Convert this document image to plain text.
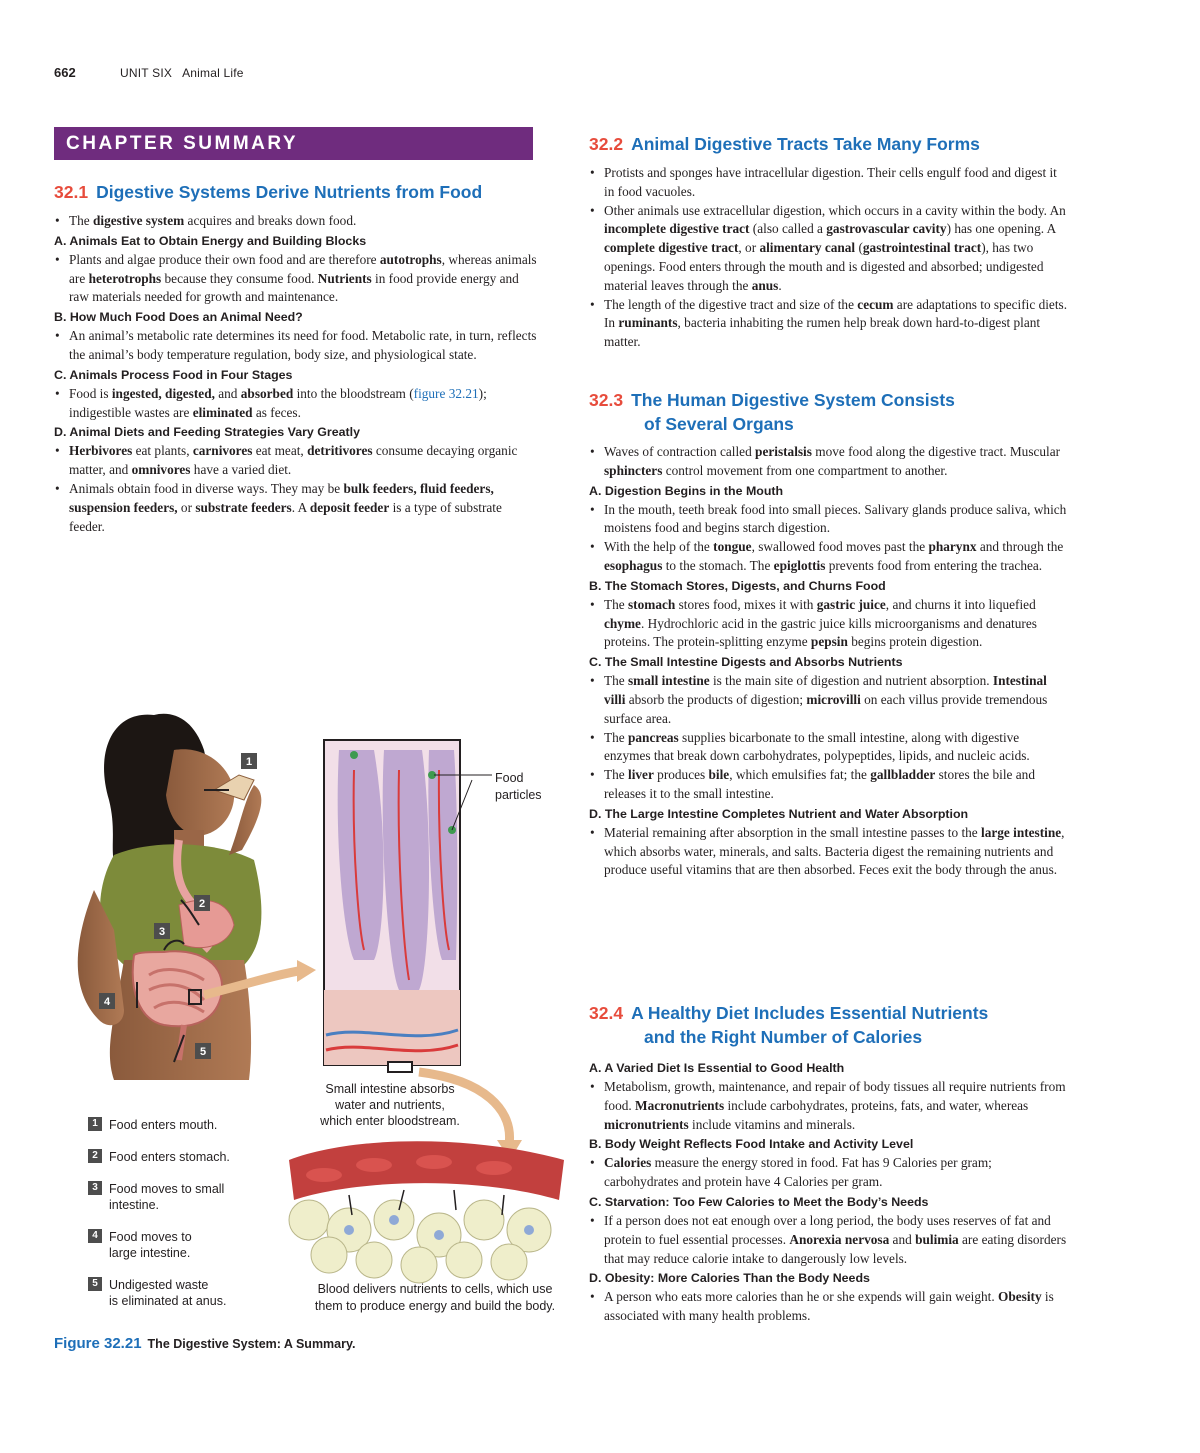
662	UNIT SIX Animal Life
CHAPTER SUMMARY
32.1 Digestive Systems Derive Nutrients from Food
• The digestive system acquires and breaks down food.
A. Animals Eat to Obtain Energy and Building Blocks
• Plants and algae produce their own food and are therefore autotrophs, whereas animals are heterotrophs because they consume food. Nutrients in food provide energy and raw materials needed for growth and maintenance.
B. How Much Food Does an Animal Need?
• An animal’s metabolic rate determines its need for food. Metabolic rate, in turn, reflects the animal’s body temperature regulation, body size, and physiological state.
C. Animals Process Food in Four Stages
• Food is ingested, digested, and absorbed into the bloodstream (figure 32.21); indigestible wastes are eliminated as feces.
D. Animal Diets and Feeding Strategies Vary Greatly
• Herbivores eat plants, carnivores eat meat, detritivores consume decaying organic matter, and omnivores have a varied diet.
• Animals obtain food in diverse ways. They may be bulk feeders, fluid feeders, suspension feeders, or substrate feeders. A deposit feeder is a type of substrate feeder.
32.2 Animal Digestive Tracts Take Many Forms
• Protists and sponges have intracellular digestion. Their cells engulf food and digest it in food vacuoles.
• Other animals use extracellular digestion, which occurs in a cavity within the body. An incomplete digestive tract (also called a gastrovascular cavity) has one opening. A complete digestive tract, or alimentary canal (gastrointestinal tract), has two openings. Food enters through the mouth and is digested and absorbed; undigested material leaves through the anus.
• The length of the digestive tract and size of the cecum are adaptations to specific diets. In ruminants, bacteria inhabiting the rumen help break down hard-to-digest plant matter.
32.3 The Human Digestive System Consists
of Several Organs
• Waves of contraction called peristalsis move food along the digestive tract. Muscular sphincters control movement from one compartment to another.
A. Digestion Begins in the Mouth
• In the mouth, teeth break food into small pieces. Salivary glands produce saliva, which moistens food and begins starch digestion.
• With the help of the tongue, swallowed food moves past the pharynx and through the esophagus to the stomach. The epiglottis prevents food from entering the trachea.
B. The Stomach Stores, Digests, and Churns Food
• The stomach stores food, mixes it with gastric juice, and churns it into liquefied chyme. Hydrochloric acid in the gastric juice kills microorganisms and denatures proteins. The protein-splitting enzyme pepsin begins protein digestion.
C. The Small Intestine Digests and Absorbs Nutrients
• The small intestine is the main site of digestion and nutrient absorption. Intestinal villi absorb the products of digestion; microvilli on each villus provide tremendous surface area.
• The pancreas supplies bicarbonate to the small intestine, along with digestive enzymes that break down carbohydrates, polypeptides, lipids, and nucleic acids.
• The liver produces bile, which emulsifies fat; the gallbladder stores the bile and releases it to the small intestine.
D. The Large Intestine Completes Nutrient and Water Absorption
• Material remaining after absorption in the small intestine passes to the large intestine, which absorbs water, minerals, and salts. Bacteria digest the remaining nutrients and produce useful vitamins that are then absorbed. Feces exit the body through the anus.
32.4 A Healthy Diet Includes Essential Nutrients
and the Right Number of Calories
A. A Varied Diet Is Essential to Good Health
• Metabolism, growth, maintenance, and repair of body tissues all require nutrients from food. Macronutrients include carbohydrates, proteins, fats, and water, whereas micronutrients include vitamins and minerals.
B. Body Weight Reflects Food Intake and Activity Level
• Calories measure the energy stored in food. Fat has 9 Calories per gram; carbohydrates and protein have 4 Calories per gram.
C. Starvation: Too Few Calories to Meet the Body’s Needs
• If a person does not eat enough over a long period, the body uses reserves of fat and protein to fuel essential processes. Anorexia nervosa and bulimia are eating disorders that may reduce calorie intake to dangerously low levels.
D. Obesity: More Calories Than the Body Needs
• A person who eats more calories than he or she expends will gain weight. Obesity is associated with many health problems.
1
2
3
4
5
Food
particles
Small intestine absorbs
water and nutrients,
which enter bloodstream.
Blood delivers nutrients to cells, which use
them to produce energy and build the body.
1 Food enters mouth.
2 Food enters stomach.
3 Food moves to small
intestine.
4 Food moves to
large intestine.
5 Undigested waste
is eliminated at anus.
Figure 32.21 The Digestive System: A Summary.
